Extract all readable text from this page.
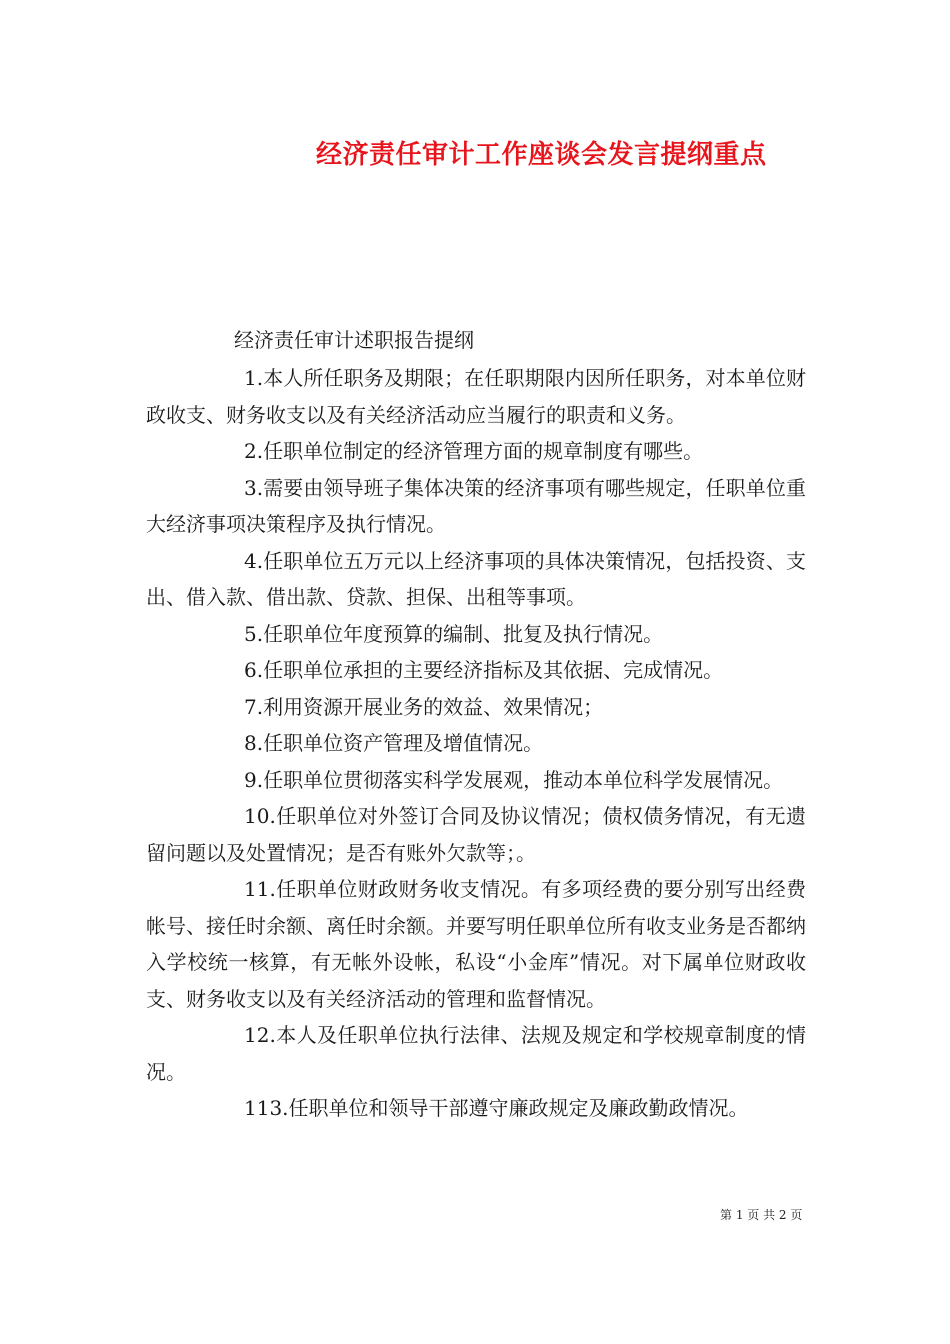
经济责任审计工作座谈会发言提纲重点
经济责任审计述职报告提纲

1.本人所任职务及期限；在任职期限内因所任职务，对本单位财政收支、财务收支以及有关经济活动应当履行的职责和义务。

2.任职单位制定的经济管理方面的规章制度有哪些。

3.需要由领导班子集体决策的经济事项有哪些规定，任职单位重大经济事项决策程序及执行情况。

4.任职单位五万元以上经济事项的具体决策情况，包括投资、支出、借入款、借出款、贷款、担保、出租等事项。

5.任职单位年度预算的编制、批复及执行情况。

6.任职单位承担的主要经济指标及其依据、完成情况。

7.利用资源开展业务的效益、效果情况；

8.任职单位资产管理及增值情况。

9.任职单位贯彻落实科学发展观，推动本单位科学发展情况。

10.任职单位对外签订合同及协议情况；债权债务情况，有无遗留问题以及处置情况；是否有账外欠款等；。

11.任职单位财政财务收支情况。有多项经费的要分别写出经费帐号、接任时余额、离任时余额。并要写明任职单位所有收支业务是否都纳入学校统一核算，有无帐外设帐，私设“小金库”情况。对下属单位财政收支、财务收支以及有关经济活动的管理和监督情况。

12.本人及任职单位执行法律、法规及规定和学校规章制度的情况。

113.任职单位和领导干部遵守廉政规定及廉政勤政情况。

第 1 页 共 2 页
